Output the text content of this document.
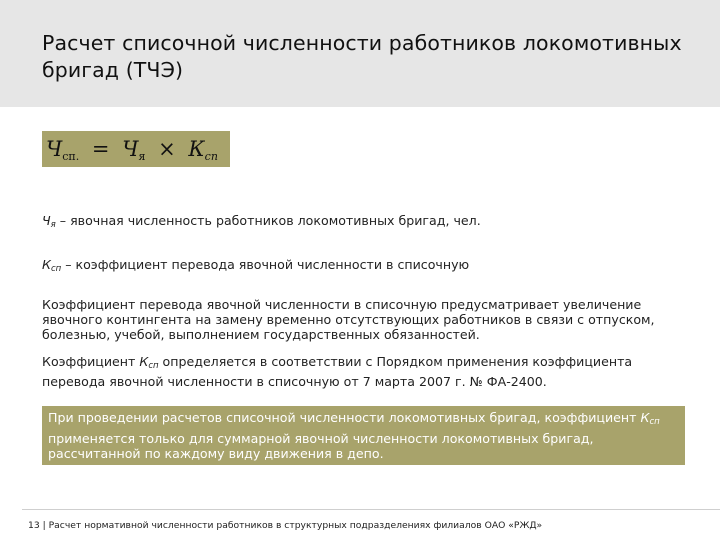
Расчет списочной численности работников локомотивных бригад (ТЧЭ)
$Ч_{сп.} = Ч_я$ × Ксп
Чя – явочная численность работников локомотивных бригад, чел.
Ксп – коэффициент перевода явочной численности в списочную
Коэффициент перевода явочной численности в списочную предусматривает увеличение явочного контингента на замену временно отсутствующих работников в связи с отпуском, болезнью, учебой, выполнением государственных обязанностей.
Коэффициент Ксп определяется в соответствии с Порядком применения коэффициента перевода явочной численности в списочную от 7 марта 2007 г. № ФА-2400.
При проведении расчетов списочной численности локомотивных бригад, коэффициент Ксп применяется только для суммарной явочной численности локомотивных бригад, рассчитанной по каждому виду движения в депо.
13 | Расчет нормативной численности работников в структурных подразделениях филиалов ОАО «РЖД»
